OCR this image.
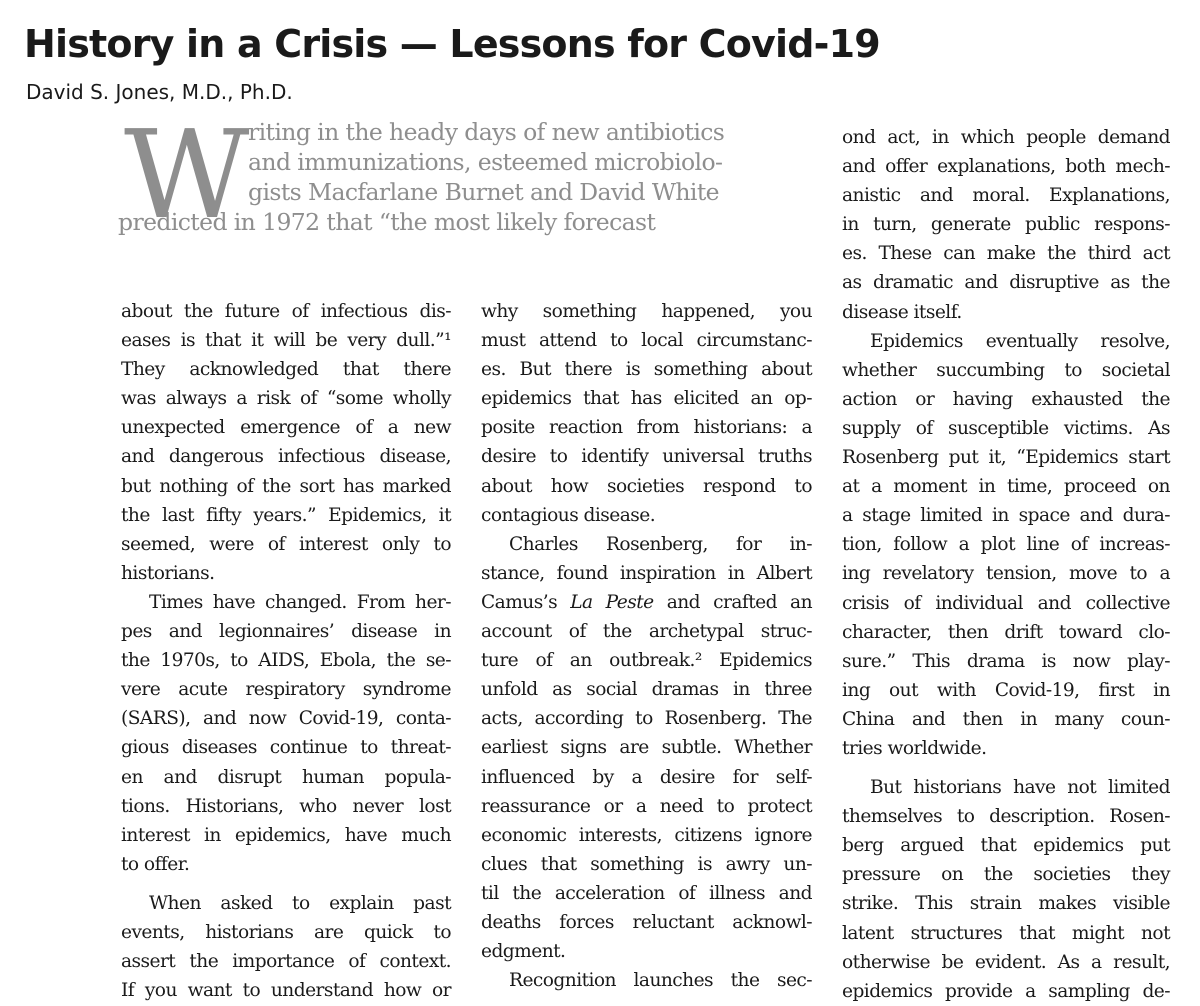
History in a Crisis — Lessons for Covid-19
David S. Jones, M.D., Ph.D.
W
riting in the heady days of new antibiotics
and immunizations, esteemed microbiolo-
gists Macfarlane Burnet and David White
predicted in 1972 that “the most likely forecast
about the future of infectious dis-
eases is that it will be very dull.”¹
They acknowledged that there
was always a risk of “some wholly
unexpected emergence of a new
and dangerous infectious disease,
but nothing of the sort has marked
the last fifty years.” Epidemics, it
seemed, were of interest only to
historians.
Times have changed. From her-
pes and legionnaires’ disease in
the 1970s, to AIDS, Ebola, the se-
vere acute respiratory syndrome
(SARS), and now Covid-19, conta-
gious diseases continue to threat-
en and disrupt human popula-
tions. Historians, who never lost
interest in epidemics, have much
to offer.
When asked to explain past
events, historians are quick to
assert the importance of context.
If you want to understand how or
why something happened, you
must attend to local circumstanc-
es. But there is something about
epidemics that has elicited an op-
posite reaction from historians: a
desire to identify universal truths
about how societies respond to
contagious disease.
Charles Rosenberg, for in-
stance, found inspiration in Albert
Camus’s La Peste and crafted an
account of the archetypal struc-
ture of an outbreak.² Epidemics
unfold as social dramas in three
acts, according to Rosenberg. The
earliest signs are subtle. Whether
influenced by a desire for self-
reassurance or a need to protect
economic interests, citizens ignore
clues that something is awry un-
til the acceleration of illness and
deaths forces reluctant acknowl-
edgment.
Recognition launches the sec-
ond act, in which people demand
and offer explanations, both mech-
anistic and moral. Explanations,
in turn, generate public respons-
es. These can make the third act
as dramatic and disruptive as the
disease itself.
Epidemics eventually resolve,
whether succumbing to societal
action or having exhausted the
supply of susceptible victims. As
Rosenberg put it, “Epidemics start
at a moment in time, proceed on
a stage limited in space and dura-
tion, follow a plot line of increas-
ing revelatory tension, move to a
crisis of individual and collective
character, then drift toward clo-
sure.” This drama is now play-
ing out with Covid-19, first in
China and then in many coun-
tries worldwide.
But historians have not limited
themselves to description. Rosen-
berg argued that epidemics put
pressure on the societies they
strike. This strain makes visible
latent structures that might not
otherwise be evident. As a result,
epidemics provide a sampling de-
